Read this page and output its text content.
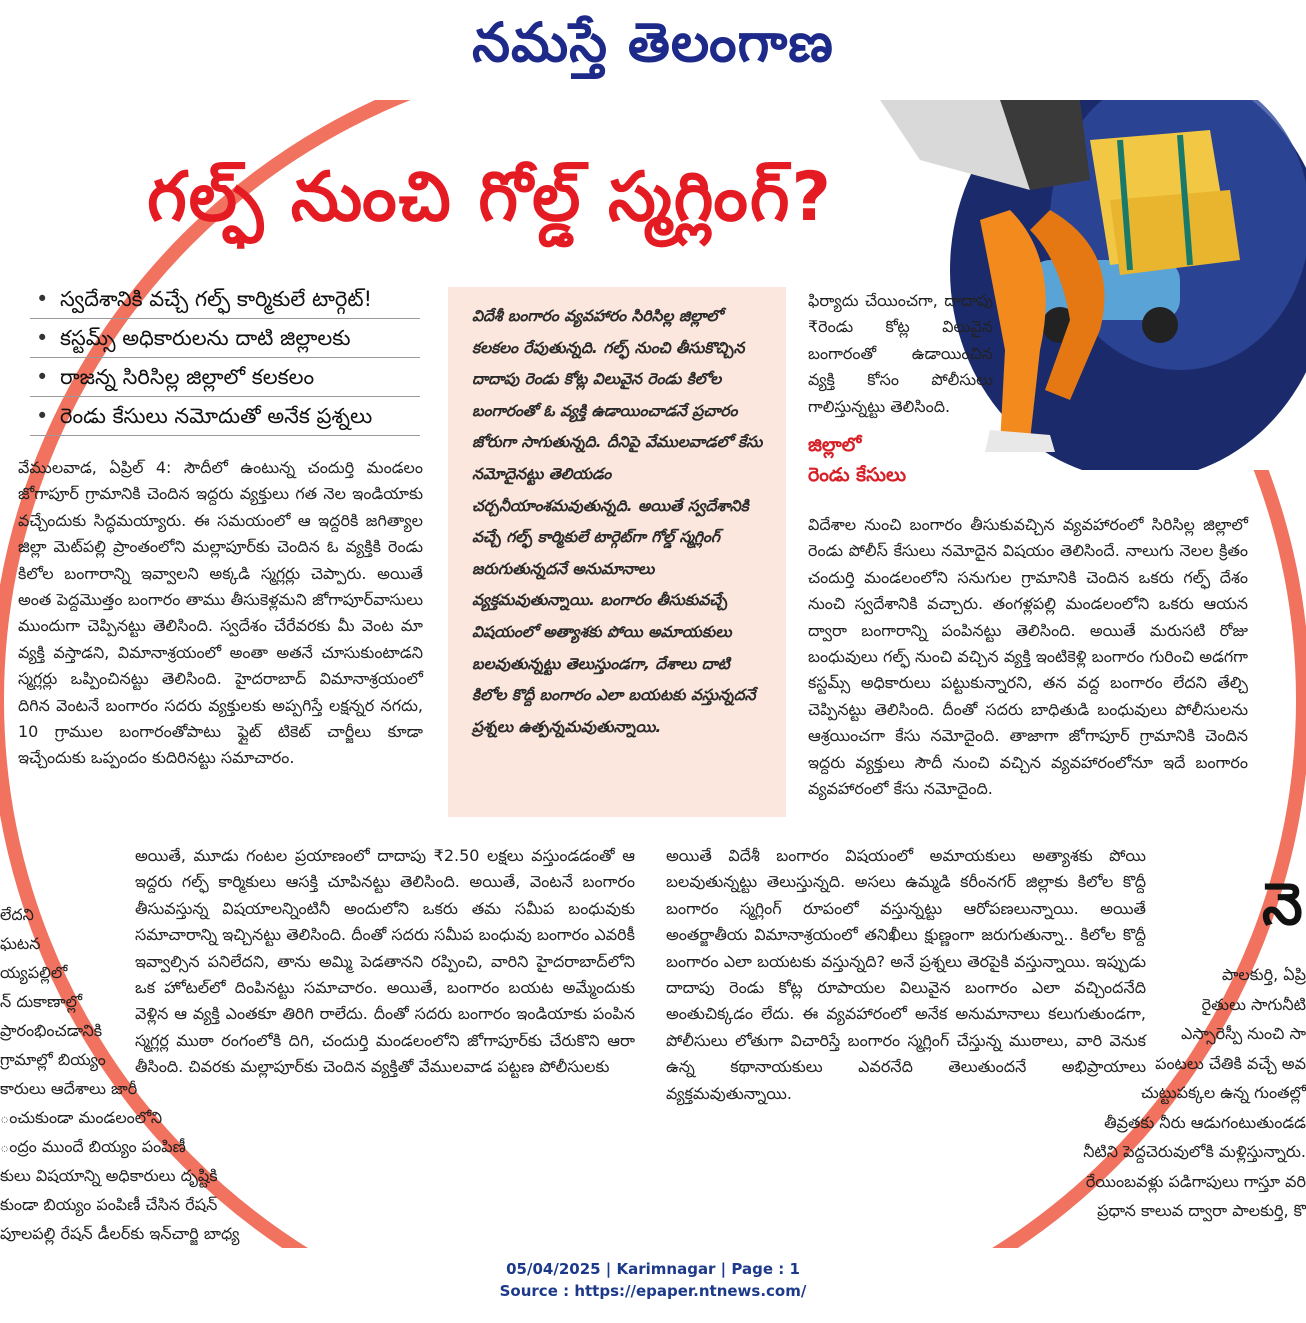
నమస్తే తెలంగాణ
లేదని
ఘటన
య్యపల్లిలో
న్ దుకాణాల్లో
ప్రారంభించడానికి
గ్రామాల్లో బియ్యం
కారులు ఆదేశాలు జారీ
ంచుకుండా మండలంలోని
ంద్రం ముందే బియ్యం పంపిణీ
కులు విషయాన్ని అధికారులు దృష్టికి
కుండా బియ్యం పంపిణీ చేసిన రేషన్
పూలపల్లి రేషన్ డీలర్‌కు ఇన్‌చార్జి బాధ్య
నె
పాలకుర్తి, ఏప్రి
రైతులు సాగునీటి
ఎస్సారెస్పీ నుంచి సా
పంటలు చేతికి వచ్చే అవ
చుట్టుపక్కల ఉన్న గుంతల్లో
తీవ్రతకు నీరు ఆడుగంటుతుండడ
నీటిని పెద్దచెరువులోకి మళ్లిస్తున్నారు.
రేయింబవళ్లు పడిగాపులు గాస్తూ వరి
ప్రధాన కాలువ ద్వారా పాలకుర్తి, కొ
గల్ఫ్ నుంచి గోల్డ్ స్మగ్లింగ్?
• స్వదేశానికి వచ్చే గల్ఫ్ కార్మికులే టార్గెట్!
• కస్టమ్స్ అధికారులను దాటి జిల్లాలకు
• రాజన్న సిరిసిల్ల జిల్లాలో కలకలం
• రెండు కేసులు నమోదుతో అనేక ప్రశ్నలు

విదేశీ బంగారం వ్యవహారం సిరిసిల్ల జిల్లాలో కలకలం రేపుతున్నది. గల్ఫ్ నుంచి తీసుకొచ్చిన దాదాపు రెండు కోట్ల విలువైన రెండు కిలోల బంగారంతో ఓ వ్యక్తి ఉడాయించాడనే ప్రచారం జోరుగా సాగుతున్నది. దీనిపై వేములవాడలో కేసు నమోదైనట్టు తెలియడం చర్చనీయాంశమవుతున్నది. అయితే స్వదేశానికి వచ్చే గల్ఫ్ కార్మికులే టార్గెట్‌గా గోల్డ్ స్మగ్లింగ్ జరుగుతున్నదనే అనుమానాలు వ్యక్తమవుతున్నాయి. బంగారం తీసుకువచ్చే విషయంలో అత్యాశకు పోయి అమాయకులు బలవుతున్నట్టు తెలుస్తుండగా, దేశాలు దాటి కిలోల కొద్దీ బంగారం ఎలా బయటకు వస్తున్నదనే ప్రశ్నలు ఉత్పన్నమవుతున్నాయి.

వేములవాడ, ఏప్రిల్ 4: సౌదీలో ఉంటున్న చందుర్తి మండలం జోగాపూర్ గ్రామానికి చెందిన ఇద్దరు వ్యక్తులు గత నెల ఇండియాకు వచ్చేందుకు సిద్ధమయ్యారు. ఈ సమయంలో ఆ ఇద్దరికి జగిత్యాల జిల్లా మెట్‌పల్లి ప్రాంతంలోని మల్లాపూర్‌కు చెందిన ఓ వ్యక్తికి రెండు కిలోల బంగారాన్ని ఇవ్వాలని అక్కడి స్మగ్లర్లు చెప్పారు. అయితే అంత పెద్దమొత్తం బంగారం తాము తీసుకెళ్లమని జోగాపూర్‌వాసులు ముందుగా చెప్పినట్టు తెలిసింది. స్వదేశం చేరేవరకు మీ వెంట మా వ్యక్తి వస్తాడని, విమానాశ్రయంలో అంతా అతనే చూసుకుంటాడని స్మగ్లర్లు ఒప్పించినట్టు తెలిసింది. హైదరాబాద్ విమానాశ్రయంలో దిగిన వెంటనే బంగారం సదరు వ్యక్తులకు అప్పగిస్తే లక్షన్నర నగదు, 10 గ్రాముల బంగారంతోపాటు ఫ్లైట్ టికెట్ చార్జీలు కూడా ఇచ్చేందుకు ఒప్పందం కుదిరినట్టు సమాచారం.

అయితే, మూడు గంటల ప్రయాణంలో దాదాపు ₹2.50 లక్షలు వస్తుండడంతో ఆ ఇద్దరు గల్ఫ్ కార్మికులు ఆసక్తి చూపినట్టు తెలిసింది. అయితే, వెంటనే బంగారం తీసువస్తున్న విషయాలన్నింటినీ అందులోని ఒకరు తమ సమీప బంధువుకు సమాచారాన్ని ఇచ్చినట్టు తెలిసింది. దీంతో సదరు సమీప బంధువు బంగారం ఎవరికీ ఇవ్వాల్సిన పనిలేదని, తాను అమ్మి పెడతానని రప్పించి, వారిని హైదరాబాద్‌లోని ఒక హోటల్‌లో దింపినట్టు సమాచారం. అయితే, బంగారం బయట అమ్మేందుకు వెళ్లిన ఆ వ్యక్తి ఎంతకూ తిరిగి రాలేదు. దీంతో సదరు బంగారం ఇండియాకు పంపిన స్మగ్లర్ల ముఠా రంగంలోకి దిగి, చందుర్తి మండలంలోని జోగాపూర్‌కు చేరుకొని ఆరా తీసింది. చివరకు మల్లాపూర్‌కు చెందిన వ్యక్తితో వేములవాడ పట్టణ పోలీసులకు

ఫిర్యాదు చేయించగా, దాదాపు ₹రెండు కోట్ల విలువైన బంగారంతో ఉడాయించిన వ్యక్తి కోసం పోలీసులు గాలిస్తున్నట్టు తెలిసింది.

జిల్లాలో
రెండు కేసులు

విదేశాల నుంచి బంగారం తీసుకువచ్చిన వ్యవహారంలో సిరిసిల్ల జిల్లాలో రెండు పోలీస్ కేసులు నమోదైన విషయం తెలిసిందే. నాలుగు నెలల క్రితం చందుర్తి మండలంలోని సనుగుల గ్రామానికి చెందిన ఒకరు గల్ఫ్ దేశం నుంచి స్వదేశానికి వచ్చారు. తంగళ్లపల్లి మండలంలోని ఒకరు ఆయన ద్వారా బంగారాన్ని పంపినట్టు తెలిసింది. అయితే మరుసటి రోజు బంధువులు గల్ఫ్ నుంచి వచ్చిన వ్యక్తి ఇంటికెళ్లి బంగారం గురించి అడగగా కస్టమ్స్ అధికారులు పట్టుకున్నారని, తన వద్ద బంగారం లేదని తేల్చి చెప్పినట్టు తెలిసింది. దీంతో సదరు బాధితుడి బంధువులు పోలీసులను ఆశ్రయించగా కేసు నమోదైంది. తాజాగా జోగాపూర్ గ్రామానికి చెందిన ఇద్దరు వ్యక్తులు సౌదీ నుంచి వచ్చిన వ్యవహారంలోనూ ఇదే బంగారం వ్యవహారంలో కేసు నమోదైంది.

అయితే విదేశీ బంగారం విషయంలో అమాయకులు అత్యాశకు పోయి బలవుతున్నట్టు తెలుస్తున్నది. అసలు ఉమ్మడి కరీంనగర్ జిల్లాకు కిలోల కొద్దీ బంగారం స్మగ్లింగ్ రూపంలో వస్తున్నట్టు ఆరోపణలున్నాయి. అయితే అంతర్జాతీయ విమానాశ్రయంలో తనిఖీలు క్షుణ్ణంగా జరుగుతున్నా.. కిలోల కొద్దీ బంగారం ఎలా బయటకు వస్తున్నది? అనే ప్రశ్నలు తెరపైకి వస్తున్నాయి. ఇప్పుడు దాదాపు రెండు కోట్ల రూపాయల విలువైన బంగారం ఎలా వచ్చిందనేది అంతుచిక్కడం లేదు. ఈ వ్యవహారంలో అనేక అనుమానాలు కలుగుతుండగా, పోలీసులు లోతుగా విచారిస్తే బంగారం స్మగ్లింగ్ చేస్తున్న ముఠాలు, వారి వెనుక ఉన్న కథానాయకులు ఎవరనేది తెలుతుందనే అభిప్రాయాలు వ్యక్తమవుతున్నాయి.

05/04/2025 | Karimnagar | Page : 1
Source : https://epaper.ntnews.com/
